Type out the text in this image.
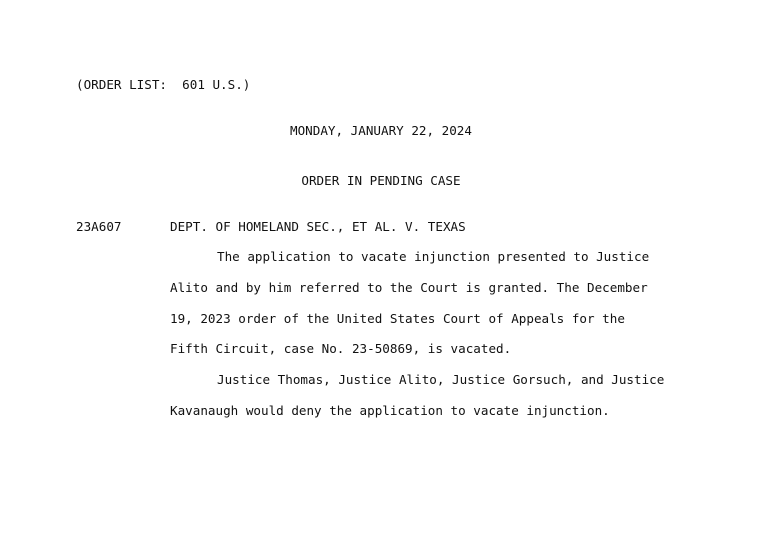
(ORDER LIST:  601 U.S.)
MONDAY, JANUARY 22, 2024
ORDER IN PENDING CASE
23A607	DEPT. OF HOMELAND SEC., ET AL. V. TEXAS
The application to vacate injunction presented to Justice
Alito and by him referred to the Court is granted. The December
19, 2023 order of the United States Court of Appeals for the
Fifth Circuit, case No. 23-50869, is vacated.
Justice Thomas, Justice Alito, Justice Gorsuch, and Justice
Kavanaugh would deny the application to vacate injunction.
